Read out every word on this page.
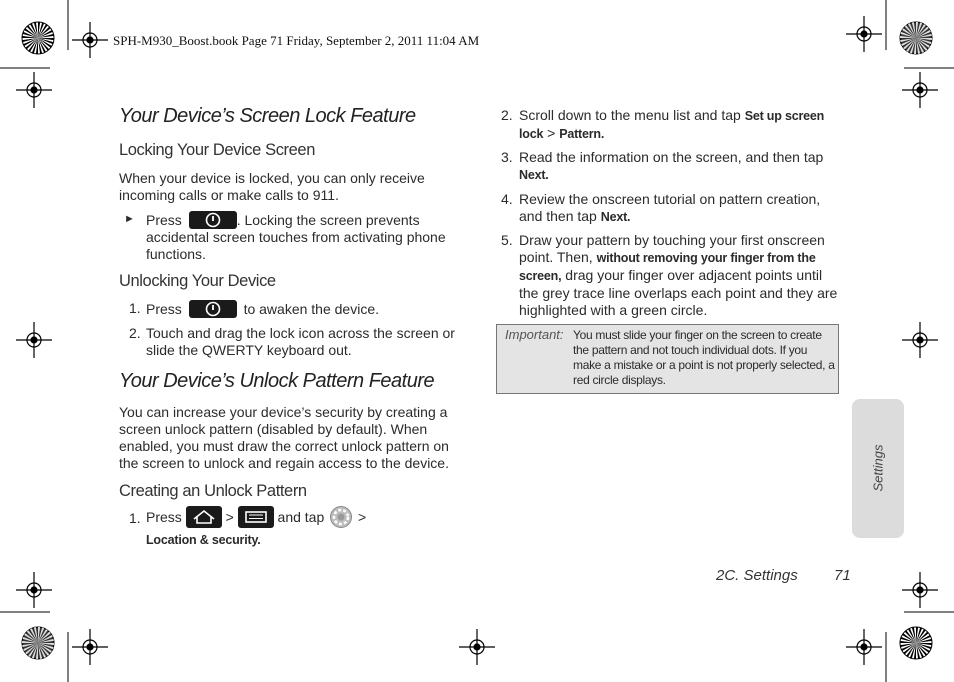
SPH-M930_Boost.book Page 71 Friday, September 2, 2011 11:04 AM
Your Device’s Screen Lock Feature
Locking Your Device Screen
When your device is locked, you can only receive incoming calls or make calls to 911.
► Press	. Locking the screen prevents accidental screen touches from activating phone functions.
Unlocking Your Device
1. Press	to awaken the device.
2. Touch and drag the lock icon across the screen or slide the QWERTY keyboard out.
Your Device’s Unlock Pattern Feature
You can increase your device’s security by creating a screen unlock pattern (disabled by default). When enabled, you must draw the correct unlock pattern on the screen to unlock and regain access to the device.
Creating an Unlock Pattern
1. Press	>	and tap >
Location & security.
2. Scroll down to the menu list and tap Set up screen
lock > Pattern.
3. Read the information on the screen, and then tap
Next.
4. Review the onscreen tutorial on pattern creation,
and then tap Next.
5. Draw your pattern by touching your first onscreen
point. Then, without removing your finger from the
screen, drag your finger over adjacent points until
the grey trace line overlaps each point and they are
highlighted with a green circle.
Important: You must slide your finger on the screen to create the pattern and not touch individual dots. If you make a mistake or a point is not properly selected, a red circle displays.
Settings
2C. Settings 71
